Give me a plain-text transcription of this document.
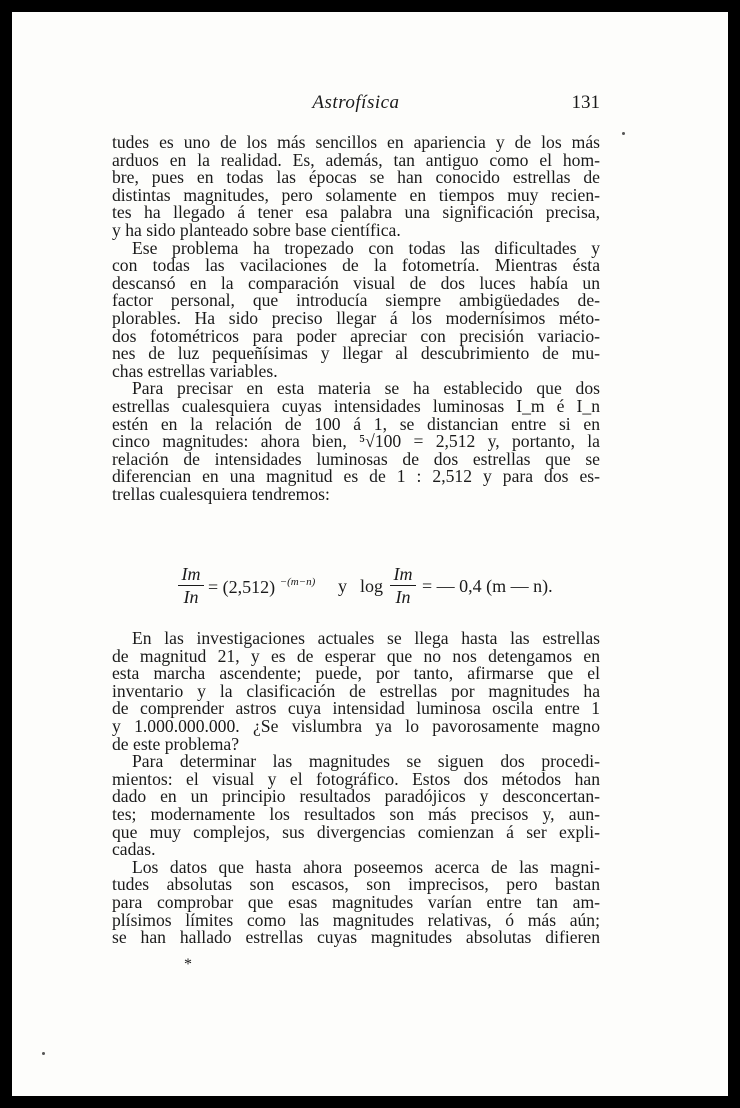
Astrofísica	131
tudes es uno de los más sencillos en apariencia y de los más
arduos en la realidad. Es, además, tan antiguo como el hom-
bre, pues en todas las épocas se han conocido estrellas de
distintas magnitudes, pero solamente en tiempos muy recien-
tes ha llegado á tener esa palabra una significación precisa,
y ha sido planteado sobre base científica.
Ese problema ha tropezado con todas las dificultades y
con todas las vacilaciones de la fotometría. Mientras ésta
descansó en la comparación visual de dos luces había un
factor personal, que introducía siempre ambigüedades de-
plorables. Ha sido preciso llegar á los modernísimos méto-
dos fotométricos para poder apreciar con precisión variacio-
nes de luz pequeñísimas y llegar al descubrimiento de mu-
chas estrellas variables.
Para precisar en esta materia se ha establecido que dos
estrellas cualesquiera cuyas intensidades luminosas I_m é I_n
estén en la relación de 100 á 1, se distancian entre si en
cinco magnitudes: ahora bien, ⁵√100 = 2,512 y, portanto, la
relación de intensidades luminosas de dos estrellas que se
diferencian en una magnitud es de 1 : 2,512 y para dos es-
trellas cualesquiera tendremos:
Im
In = (2,512) $^{-(m-n)}$ y log
Im
In
= — 0,4 (m — n).
En las investigaciones actuales se llega hasta las estrellas
de magnitud 21, y es de esperar que no nos detengamos en
esta marcha ascendente; puede, por tanto, afirmarse que el
inventario y la clasificación de estrellas por magnitudes ha
de comprender astros cuya intensidad luminosa oscila entre 1
y 1.000.000.000. ¿Se vislumbra ya lo pavorosamente magno
de este problema?
Para determinar las magnitudes se siguen dos procedi-
mientos: el visual y el fotográfico. Estos dos métodos han
dado en un principio resultados paradójicos y desconcertan-
tes; modernamente los resultados son más precisos y, aun-
que muy complejos, sus divergencias comienzan á ser expli-
cadas.
Los datos que hasta ahora poseemos acerca de las magni-
tudes absolutas son escasos, son imprecisos, pero bastan
para comprobar que esas magnitudes varían entre tan am-
plísimos límites como las magnitudes relativas, ó más aún;
se han hallado estrellas cuyas magnitudes absolutas difieren
*
